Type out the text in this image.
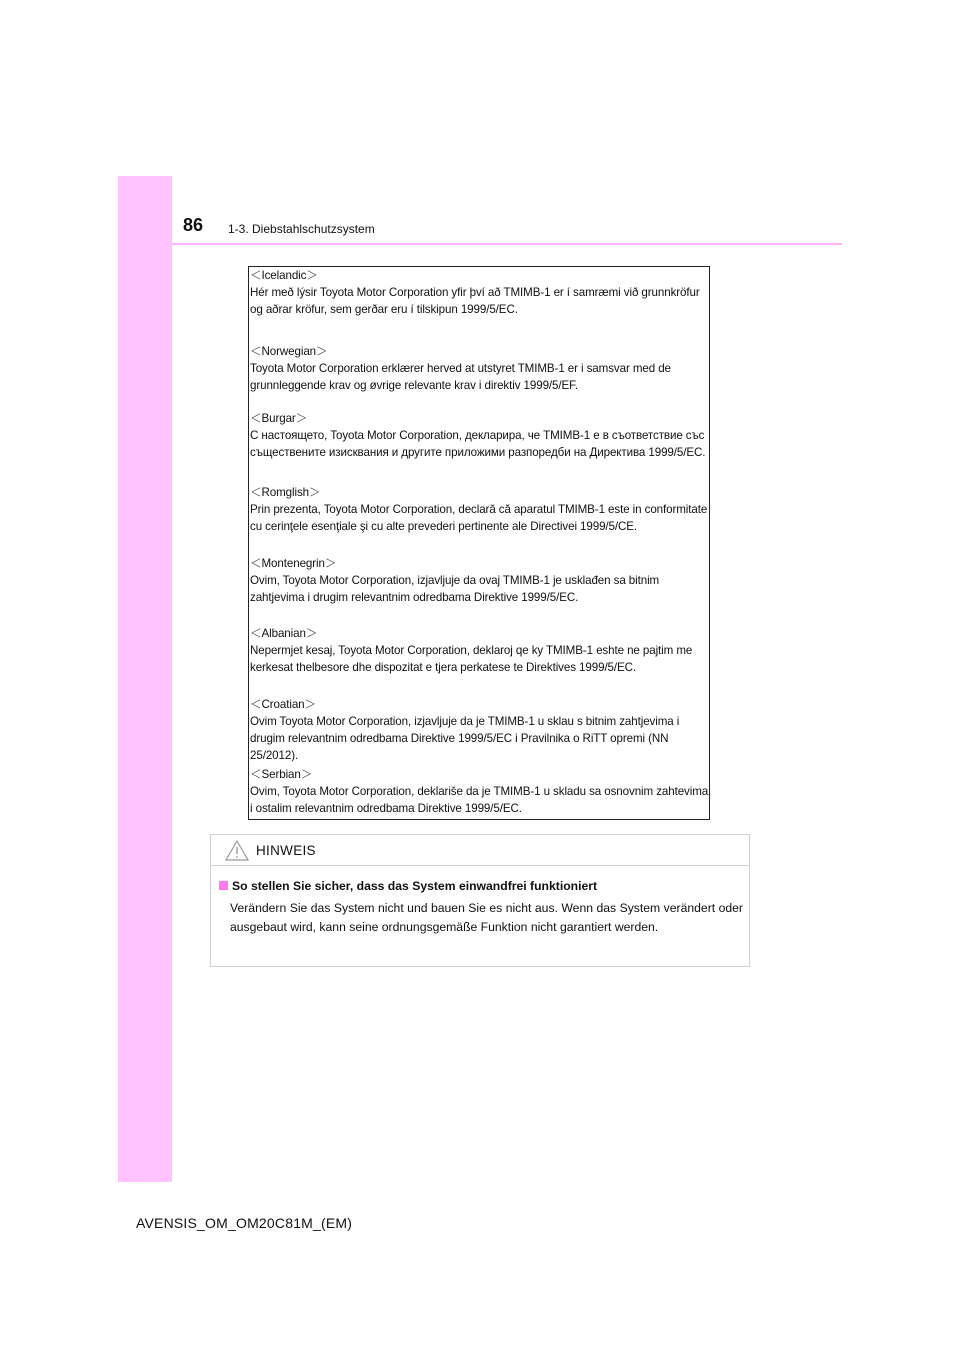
86 1-3. Diebstahlschutzsystem
＜Icelandic＞
Hér með lýsir Toyota Motor Corporation yfir því að TMIMB-1 er í samræmi við grunnkröfur og aðrar kröfur, sem gerðar eru í tilskipun 1999/5/EC.
＜Norwegian＞
Toyota Motor Corporation erklærer herved at utstyret TMIMB-1 er i samsvar med de grunnleggende krav og øvrige relevante krav i direktiv 1999/5/EF.
＜Burgar＞
С настоящето, Toyota Motor Corporation, декларира, че TMIMB-1 е в съответствие със съществените изисквания и другите приложими разпоредби на Директива 1999/5/EC.
＜Romglish＞
Prin prezenta, Toyota Motor Corporation, declară că aparatul TMIMB-1 este in conformitate cu cerinţele esenţiale şi cu alte prevederi pertinente ale Directivei 1999/5/CE.
＜Montenegrin＞
Ovim, Toyota Motor Corporation, izjavljuje da ovaj TMIMB-1 je usklađen sa bitnim zahtjevima i drugim relevantnim odredbama Direktive 1999/5/EC.
＜Albanian＞
Nepermjet kesaj, Toyota Motor Corporation, deklaroj qe ky TMIMB-1 eshte ne pajtim me kerkesat thelbesore dhe dispozitat e tjera perkatese te Direktives 1999/5/EC.
＜Croatian＞
Ovim Toyota Motor Corporation, izjavljuje da je TMIMB-1 u sklau s bitnim zahtjevima i drugim relevantnim odredbama Direktive 1999/5/EC i Pravilnika o RiTT opremi (NN 25/2012).
＜Serbian＞
Ovim, Toyota Motor Corporation, deklariše da je TMIMB-1 u skladu sa osnovnim zahtevima i ostalim relevantnim odredbama Direktive 1999/5/EC.
HINWEIS
So stellen Sie sicher, dass das System einwandfrei funktioniert
Verändern Sie das System nicht und bauen Sie es nicht aus. Wenn das System verändert oder ausgebaut wird, kann seine ordnungsgemäße Funktion nicht garantiert werden.
AVENSIS_OM_OM20C81M_(EM)
